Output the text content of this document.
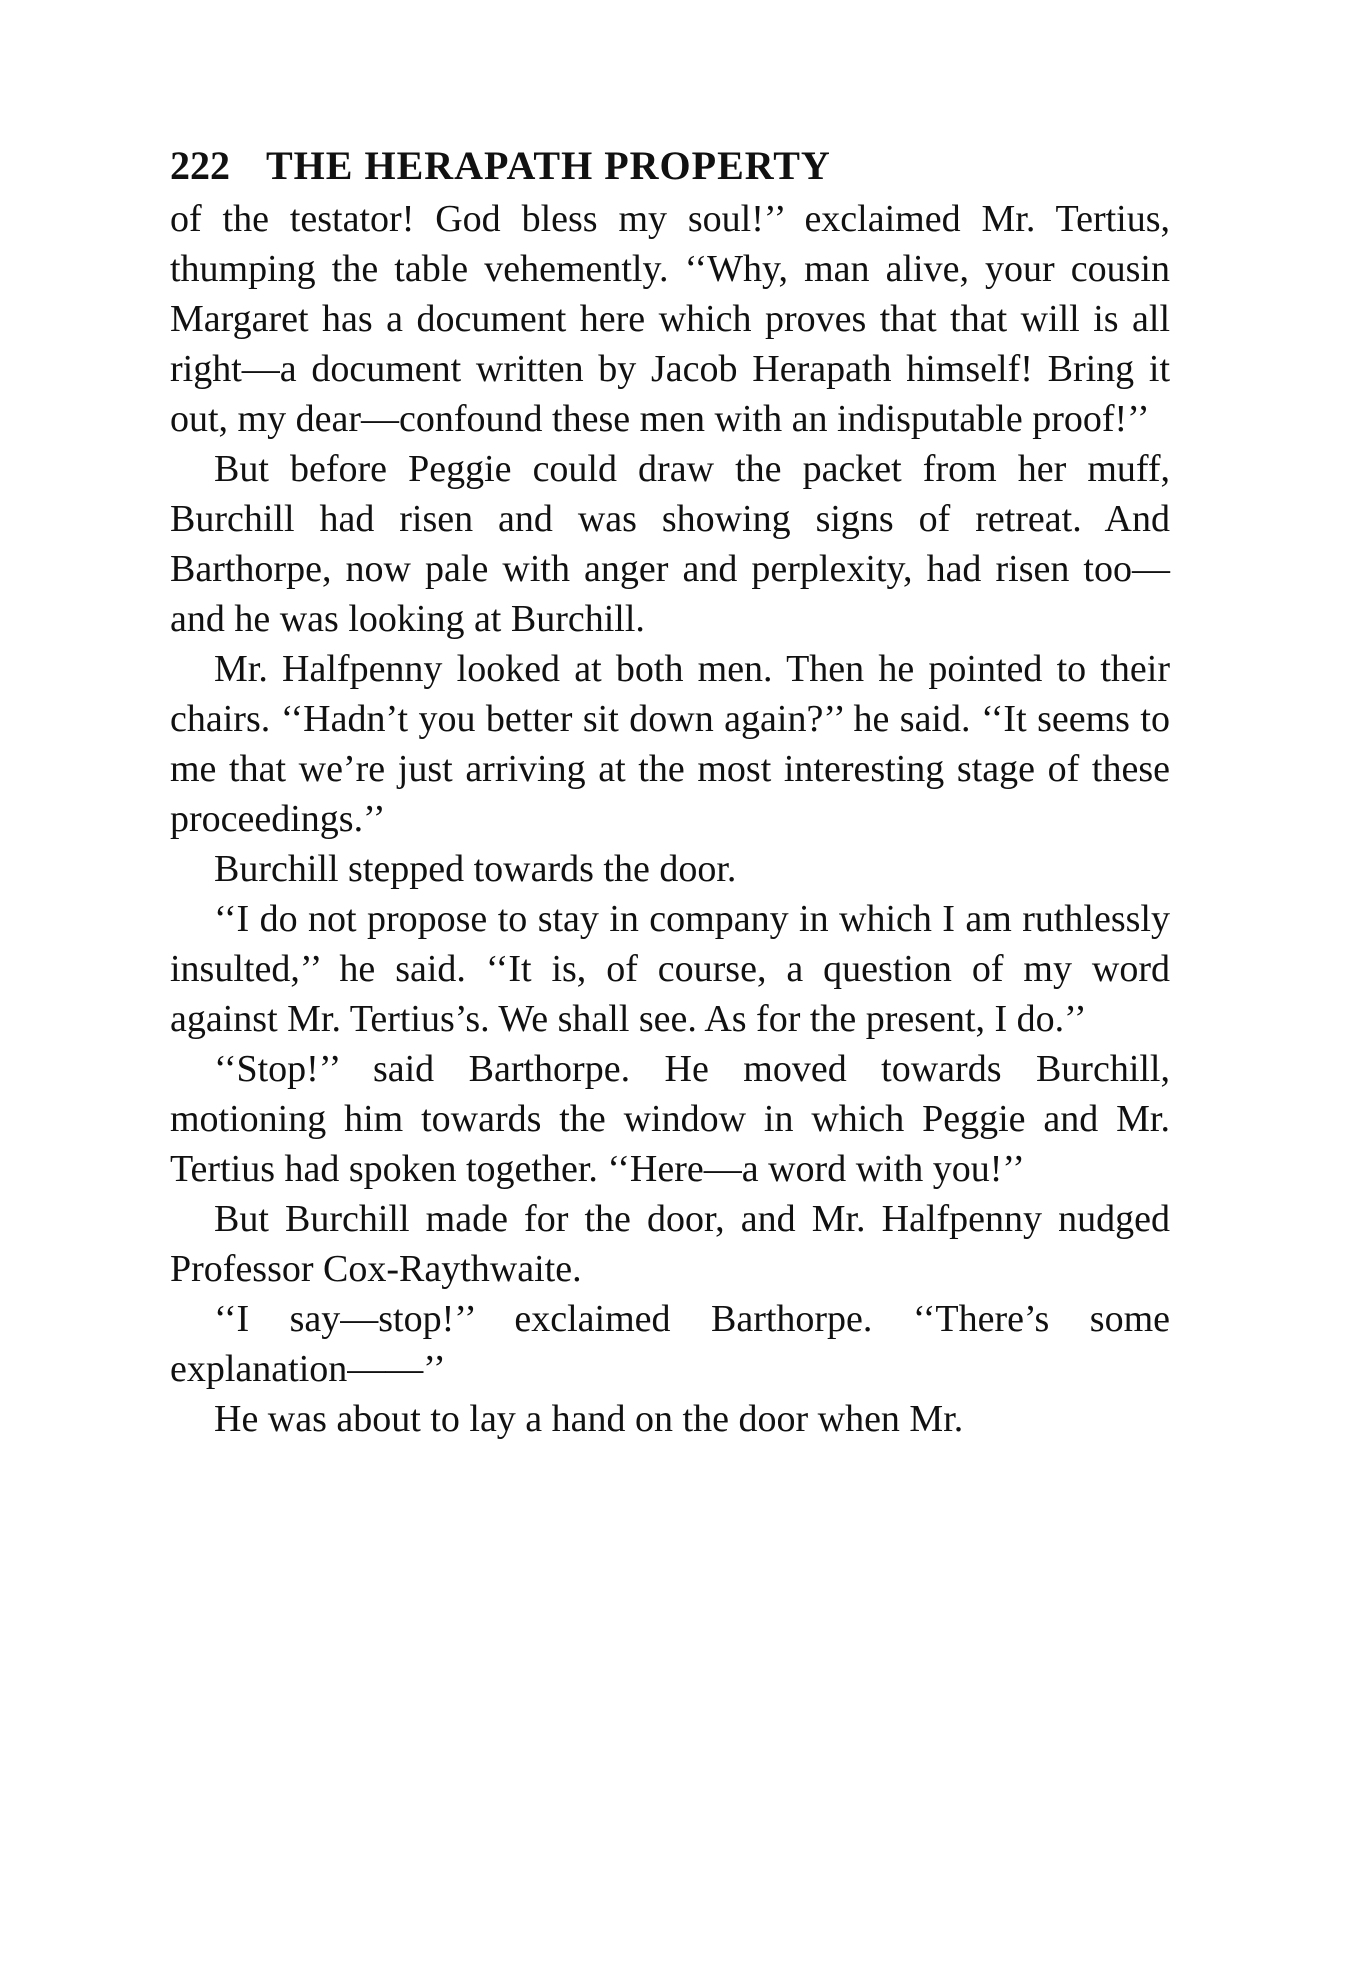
222 THE HERAPATH PROPERTY

of the testator! God bless my soul!’’ exclaimed Mr. Tertius, thumping the table vehemently. ‘‘Why, man alive, your cousin Margaret has a document here which proves that that will is all right—a document written by Jacob Herapath himself! Bring it out, my dear—confound these men with an indisputable proof!’’

But before Peggie could draw the packet from her muff, Burchill had risen and was showing signs of retreat. And Barthorpe, now pale with anger and perplexity, had risen too—and he was looking at Burchill.

Mr. Halfpenny looked at both men. Then he pointed to their chairs. ‘‘Hadn’t you better sit down again?’’ he said. ‘‘It seems to me that we’re just arriving at the most interesting stage of these proceedings.’’

Burchill stepped towards the door.

‘‘I do not propose to stay in company in which I am ruthlessly insulted,’’ he said. ‘‘It is, of course, a question of my word against Mr. Tertius’s. We shall see. As for the present, I do.’’

‘‘Stop!’’ said Barthorpe. He moved towards Burchill, motioning him towards the window in which Peggie and Mr. Tertius had spoken together. ‘‘Here—a word with you!’’

But Burchill made for the door, and Mr. Halfpenny nudged Professor Cox-Raythwaite.

‘‘I say—stop!’’ exclaimed Barthorpe. ‘‘There’s some explanation——’’

He was about to lay a hand on the door when Mr.
